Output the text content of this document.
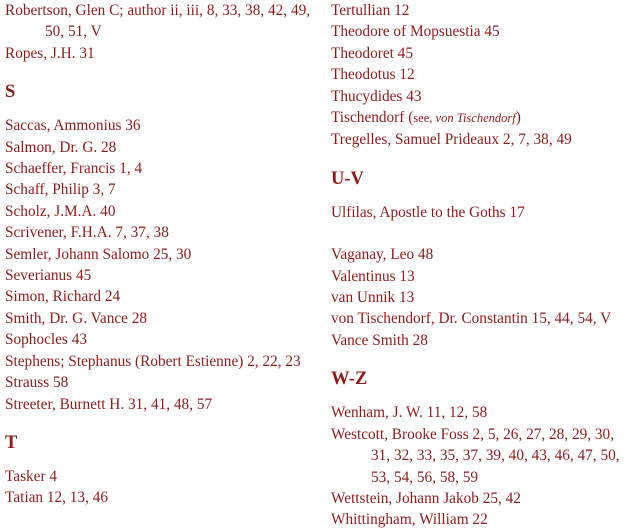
Robertson, Glen C; author ii, iii, 8, 33, 38, 42, 49, 50, 51, V
Ropes, J.H. 31
S
Saccas, Ammonius 36
Salmon, Dr. G. 28
Schaeffer, Francis 1, 4
Schaff, Philip 3, 7
Scholz, J.M.A. 40
Scrivener, F.H.A. 7, 37, 38
Semler, Johann Salomo 25, 30
Severianus 45
Simon, Richard 24
Smith, Dr. G. Vance 28
Sophocles 43
Stephens; Stephanus (Robert Estienne) 2, 22, 23
Strauss 58
Streeter, Burnett H. 31, 41, 48, 57
T
Tasker 4
Tatian 12, 13, 46
Tertullian 12
Theodore of Mopsuestia 45
Theodoret 45
Theodotus 12
Thucydides 43
Tischendorf (see, von Tischendorf)
Tregelles, Samuel Prideaux 2, 7, 38, 49
U-V
Ulfilas, Apostle to the Goths 17
Vaganay, Leo 48
Valentinus 13
van Unnik 13
von Tischendorf, Dr. Constantin 15, 44, 54, V
Vance Smith 28
W-Z
Wenham, J. W. 11, 12, 58
Westcott, Brooke Foss 2, 5, 26, 27, 28, 29, 30, 31, 32, 33, 35, 37, 39, 40, 43, 46, 47, 50, 53, 54, 56, 58, 59
Wettstein, Johann Jakob 25, 42
Whittingham, William 22
